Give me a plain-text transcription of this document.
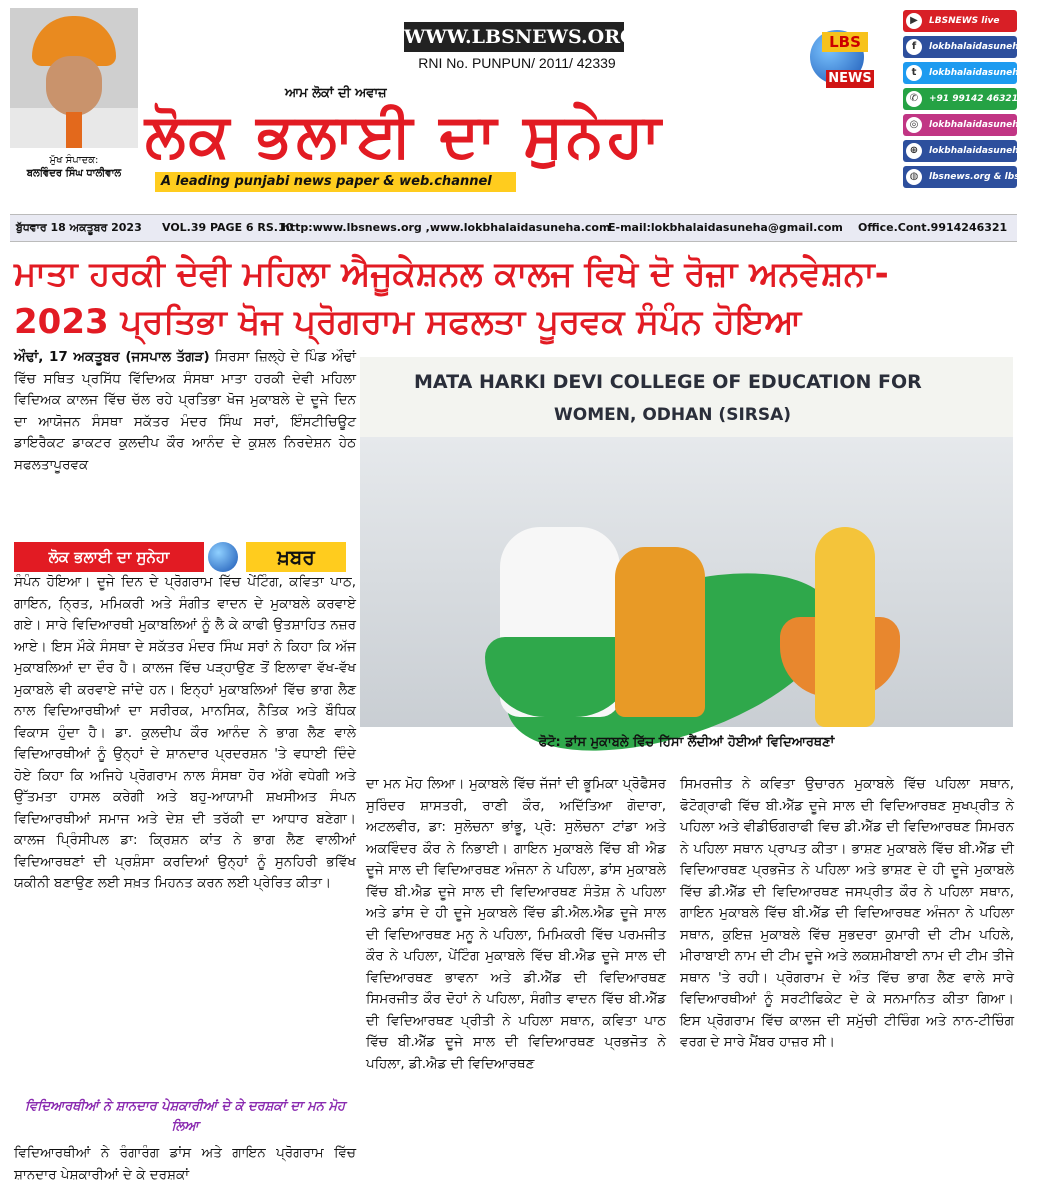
ਮੁੱਖ ਸੰਪਾਦਕ:
ਬਲਵਿੰਦਰ ਸਿੰਘ ਧਾਲੀਵਾਲ
WWW.LBSNEWS.ORG
RNI No. PUNPUN/ 2011/ 42339
ਆਮ ਲੋਕਾਂ ਦੀ ਅਵਾਜ਼
ਲੋਕ ਭਲਾਈ ਦਾ ਸੁਨੇਹਾ
A leading punjabi news paper & web.channel
LBS
NEWS
▶	LBSNEWS live
f	lokbhalaidasuneha
t	lokbhalaidasuneha
✆	+91 99142 46321
◎	lokbhalaidasuneha
⊕	lokbhalaidasuneha.com
◍	lbsnews.org & lbsnews.in
ਬੁੱਧਵਾਰ 18 ਅਕਤੂਬਰ 2023 VOL.39 PAGE 6 RS.10
http:www.lbsnews.org ,www.lokbhalaidasuneha.com
E-mail:lokbhalaidasuneha@gmail.com Office.Cont.9914246321
ਮਾਤਾ ਹਰਕੀ ਦੇਵੀ ਮਹਿਲਾ ਐਜੂਕੇਸ਼ਨਲ ਕਾਲਜ ਵਿਖੇ ਦੋ ਰੋਜ਼ਾ ਅਨਵੇਸ਼ਨਾ-
2023 ਪ੍ਰਤਿਭਾ ਖੋਜ ਪ੍ਰੋਗਰਾਮ ਸਫਲਤਾ ਪੂਰਵਕ ਸੰਪੰਨ ਹੋਇਆ
ਔਢਾਂ, 17 ਅਕਤੂਬਰ (ਜਸਪਾਲ ਤੱਗੜ) ਸਿਰਸਾ ਜ਼ਿਲ੍ਹੇ ਦੇ ਪਿੰਡ ਔਢਾਂ ਵਿੱਚ ਸਥਿਤ ਪ੍ਰਸਿੱਧ ਵਿੱਦਿਅਕ ਸੰਸਥਾ ਮਾਤਾ ਹਰਕੀ ਦੇਵੀ ਮਹਿਲਾ ਵਿਦਿਅਕ ਕਾਲਜ ਵਿੱਚ ਚੱਲ ਰਹੇ ਪ੍ਰਤਿਭਾ ਖੋਜ ਮੁਕਾਬਲੇ ਦੇ ਦੂਜੇ ਦਿਨ ਦਾ ਆਯੋਜਨ ਸੰਸਥਾ ਸਕੱਤਰ ਮੰਦਰ ਸਿੰਘ ਸਰਾਂ, ਇੰਸਟੀਚਿਊਟ ਡਾਇਰੈਕਟ ਡਾਕਟਰ ਕੁਲਦੀਪ ਕੌਰ ਆਨੰਦ ਦੇ ਕੁਸ਼ਲ ਨਿਰਦੇਸ਼ਨ ਹੇਠ ਸਫਲਤਾਪੂਰਵਕ
ਲੋਕ ਭਲਾਈ ਦਾ ਸੁਨੇਹਾ	ਖ਼ਬਰ
ਸੰਪੰਨ ਹੋਇਆ। ਦੂਜੇ ਦਿਨ ਦੇ ਪ੍ਰੋਗਰਾਮ ਵਿੱਚ ਪੇਂਟਿੰਗ, ਕਵਿਤਾ ਪਾਠ, ਗਾਇਨ, ਨ੍ਰਿਤ, ਮਮਿਕਰੀ ਅਤੇ ਸੰਗੀਤ ਵਾਦਨ ਦੇ ਮੁਕਾਬਲੇ ਕਰਵਾਏ ਗਏ। ਸਾਰੇ ਵਿਦਿਆਰਥੀ ਮੁਕਾਬਲਿਆਂ ਨੂੰ ਲੈ ਕੇ ਕਾਫੀ ਉਤਸ਼ਾਹਿਤ ਨਜ਼ਰ ਆਏ। ਇਸ ਮੌਕੇ ਸੰਸਥਾ ਦੇ ਸਕੱਤਰ ਮੰਦਰ ਸਿੰਘ ਸਰਾਂ ਨੇ ਕਿਹਾ ਕਿ ਅੱਜ ਮੁਕਾਬਲਿਆਂ ਦਾ ਦੌਰ ਹੈ। ਕਾਲਜ ਵਿੱਚ ਪੜ੍ਹਾਉਣ ਤੋਂ ਇਲਾਵਾ ਵੱਖ-ਵੱਖ ਮੁਕਾਬਲੇ ਵੀ ਕਰਵਾਏ ਜਾਂਦੇ ਹਨ। ਇਨ੍ਹਾਂ ਮੁਕਾਬਲਿਆਂ ਵਿੱਚ ਭਾਗ ਲੈਣ ਨਾਲ ਵਿਦਿਆਰਥੀਆਂ ਦਾ ਸਰੀਰਕ, ਮਾਨਸਿਕ, ਨੈਤਿਕ ਅਤੇ ਬੌਧਿਕ ਵਿਕਾਸ ਹੁੰਦਾ ਹੈ। ਡਾ. ਕੁਲਦੀਪ ਕੌਰ ਆਨੰਦ ਨੇ ਭਾਗ ਲੈਣ ਵਾਲੇ ਵਿਦਿਆਰਥੀਆਂ ਨੂੰ ਉਨ੍ਹਾਂ ਦੇ ਸ਼ਾਨਦਾਰ ਪ੍ਰਦਰਸ਼ਨ 'ਤੇ ਵਧਾਈ ਦਿੰਦੇ ਹੋਏ ਕਿਹਾ ਕਿ ਅਜਿਹੇ ਪ੍ਰੋਗਰਾਮ ਨਾਲ ਸੰਸਥਾ ਹੋਰ ਅੱਗੇ ਵਧੇਗੀ ਅਤੇ ਉੱਤਮਤਾ ਹਾਸਲ ਕਰੇਗੀ ਅਤੇ ਬਹੁ-ਆਯਾਮੀ ਸ਼ਖਸੀਅਤ ਸੰਪਨ ਵਿਦਿਆਰਥੀਆਂ ਸਮਾਜ ਅਤੇ ਦੇਸ਼ ਦੀ ਤਰੱਕੀ ਦਾ ਆਧਾਰ ਬਣੇਗਾ। ਕਾਲਜ ਪ੍ਰਿੰਸੀਪਲ ਡਾ: ਕ੍ਰਿਸ਼ਨ ਕਾਂਤ ਨੇ ਭਾਗ ਲੈਣ ਵਾਲੀਆਂ ਵਿਦਿਆਰਥਣਾਂ ਦੀ ਪ੍ਰਸ਼ੰਸਾ ਕਰਦਿਆਂ ਉਨ੍ਹਾਂ ਨੂੰ ਸੁਨਹਿਰੀ ਭਵਿੱਖ ਯਕੀਨੀ ਬਣਾਉਣ ਲਈ ਸਖ਼ਤ ਮਿਹਨਤ ਕਰਨ ਲਈ ਪ੍ਰੇਰਿਤ ਕੀਤਾ।
ਵਿਦਿਆਰਥੀਆਂ ਨੇ ਸ਼ਾਨਦਾਰ ਪੇਸ਼ਕਾਰੀਆਂ ਦੇ ਕੇ ਦਰਸ਼ਕਾਂ ਦਾ ਮਨ ਮੋਹ ਲਿਆ
ਵਿਦਿਆਰਥੀਆਂ ਨੇ ਰੰਗਾਰੰਗ ਡਾਂਸ ਅਤੇ ਗਾਇਨ ਪ੍ਰੋਗਰਾਮ ਵਿੱਚ ਸ਼ਾਨਦਾਰ ਪੇਸ਼ਕਾਰੀਆਂ ਦੇ ਕੇ ਦਰਸ਼ਕਾਂ
MATA HARKI DEVI COLLEGE OF EDUCATION FOR
WOMEN, ODHAN (SIRSA)
ਫੋਟੋ: ਡਾਂਸ ਮੁਕਾਬਲੇ ਵਿੱਚ ਹਿੱਸਾ ਲੈਂਦੀਆਂ ਹੋਈਆਂ ਵਿਦਿਆਰਥਣਾਂ
ਦਾ ਮਨ ਮੋਹ ਲਿਆ। ਮੁਕਾਬਲੇ ਵਿੱਚ ਜੱਜਾਂ ਦੀ ਭੂਮਿਕਾ ਪ੍ਰੋਫੈਸਰ ਸੁਰਿੰਦਰ ਸ਼ਾਸਤਰੀ, ਰਾਣੀ ਕੌਰ, ਅਦਿੱਤਿਆ ਗੋਦਾਰਾ, ਅਟਲਵੀਰ, ਡਾ: ਸੁਲੋਚਨਾ ਭਾਂਭੂ, ਪ੍ਰੋ: ਸੁਲੋਚਨਾ ਟਾਂਡਾ ਅਤੇ ਅਕਵਿੰਦਰ ਕੌਰ ਨੇ ਨਿਭਾਈ। ਗਾਇਨ ਮੁਕਾਬਲੇ ਵਿੱਚ ਬੀ ਐਡ ਦੂਜੇ ਸਾਲ ਦੀ ਵਿਦਿਆਰਥਣ ਅੰਜਨਾ ਨੇ ਪਹਿਲਾ, ਡਾਂਸ ਮੁਕਾਬਲੇ ਵਿੱਚ ਬੀ.ਐਡ ਦੂਜੇ ਸਾਲ ਦੀ ਵਿਦਿਆਰਥਣ ਸੰਤੋਸ਼ ਨੇ ਪਹਿਲਾ ਅਤੇ ਡਾਂਸ ਦੇ ਹੀ ਦੂਜੇ ਮੁਕਾਬਲੇ ਵਿੱਚ ਡੀ.ਐਲ.ਐਡ ਦੂਜੇ ਸਾਲ ਦੀ ਵਿਦਿਆਰਥਣ ਮਨੂ ਨੇ ਪਹਿਲਾ, ਮਿਮਿਕਰੀ ਵਿੱਚ ਪਰਮਜੀਤ ਕੌਰ ਨੇ ਪਹਿਲਾ, ਪੇਂਟਿੰਗ ਮੁਕਾਬਲੇ ਵਿੱਚ ਬੀ.ਐਡ ਦੂਜੇ ਸਾਲ ਦੀ ਵਿਦਿਆਰਥਣ ਭਾਵਨਾ ਅਤੇ ਡੀ.ਐੱਡ ਦੀ ਵਿਦਿਆਰਥਣ ਸਿਮਰਜੀਤ ਕੌਰ ਦੋਹਾਂ ਨੇ ਪਹਿਲਾ, ਸੰਗੀਤ ਵਾਦਨ ਵਿੱਚ ਬੀ.ਐੱਡ ਦੀ ਵਿਦਿਆਰਥਣ ਪ੍ਰੀਤੀ ਨੇ ਪਹਿਲਾ ਸਥਾਨ, ਕਵਿਤਾ ਪਾਠ ਵਿੱਚ ਬੀ.ਐੱਡ ਦੂਜੇ ਸਾਲ ਦੀ ਵਿਦਿਆਰਥਣ ਪ੍ਰਭਜੋਤ ਨੇ ਪਹਿਲਾ, ਡੀ.ਐਡ ਦੀ ਵਿਦਿਆਰਥਣ
ਸਿਮਰਜੀਤ ਨੇ ਕਵਿਤਾ ਉਚਾਰਨ ਮੁਕਾਬਲੇ ਵਿੱਚ ਪਹਿਲਾ ਸਥਾਨ, ਫੋਟੋਗ੍ਰਾਫੀ ਵਿੱਚ ਬੀ.ਐੱਡ ਦੂਜੇ ਸਾਲ ਦੀ ਵਿਦਿਆਰਥਣ ਸੁਖਪ੍ਰੀਤ ਨੇ ਪਹਿਲਾ ਅਤੇ ਵੀਡੀਓਗਰਾਫੀ ਵਿਚ ਡੀ.ਐੱਡ ਦੀ ਵਿਦਿਆਰਥਣ ਸਿਮਰਨ ਨੇ ਪਹਿਲਾ ਸਥਾਨ ਪ੍ਰਾਪਤ ਕੀਤਾ। ਭਾਸ਼ਣ ਮੁਕਾਬਲੇ ਵਿੱਚ ਬੀ.ਐੱਡ ਦੀ ਵਿਦਿਆਰਥਣ ਪ੍ਰਭਜੋਤ ਨੇ ਪਹਿਲਾ ਅਤੇ ਭਾਸ਼ਣ ਦੇ ਹੀ ਦੂਜੇ ਮੁਕਾਬਲੇ ਵਿੱਚ ਡੀ.ਐੱਡ ਦੀ ਵਿਦਿਆਰਥਣ ਜਸਪ੍ਰੀਤ ਕੌਰ ਨੇ ਪਹਿਲਾ ਸਥਾਨ, ਗਾਇਨ ਮੁਕਾਬਲੇ ਵਿੱਚ ਬੀ.ਐੱਡ ਦੀ ਵਿਦਿਆਰਥਣ ਅੰਜਨਾ ਨੇ ਪਹਿਲਾ ਸਥਾਨ, ਕੁਇਜ਼ ਮੁਕਾਬਲੇ ਵਿੱਚ ਸੁਭਦਰਾ ਕੁਮਾਰੀ ਦੀ ਟੀਮ ਪਹਿਲੇ, ਮੀਰਾਬਾਈ ਨਾਮ ਦੀ ਟੀਮ ਦੂਜੇ ਅਤੇ ਲਕਸ਼ਮੀਬਾਈ ਨਾਮ ਦੀ ਟੀਮ ਤੀਜੇ ਸਥਾਨ 'ਤੇ ਰਹੀ। ਪ੍ਰੋਗਰਾਮ ਦੇ ਅੰਤ ਵਿੱਚ ਭਾਗ ਲੈਣ ਵਾਲੇ ਸਾਰੇ ਵਿਦਿਆਰਥੀਆਂ ਨੂੰ ਸਰਟੀਫਿਕੇਟ ਦੇ ਕੇ ਸਨਮਾਨਿਤ ਕੀਤਾ ਗਿਆ। ਇਸ ਪ੍ਰੋਗਰਾਮ ਵਿੱਚ ਕਾਲਜ ਦੀ ਸਮੁੱਚੀ ਟੀਚਿੰਗ ਅਤੇ ਨਾਨ-ਟੀਚਿੰਗ ਵਰਗ ਦੇ ਸਾਰੇ ਮੈਂਬਰ ਹਾਜ਼ਰ ਸੀ।
